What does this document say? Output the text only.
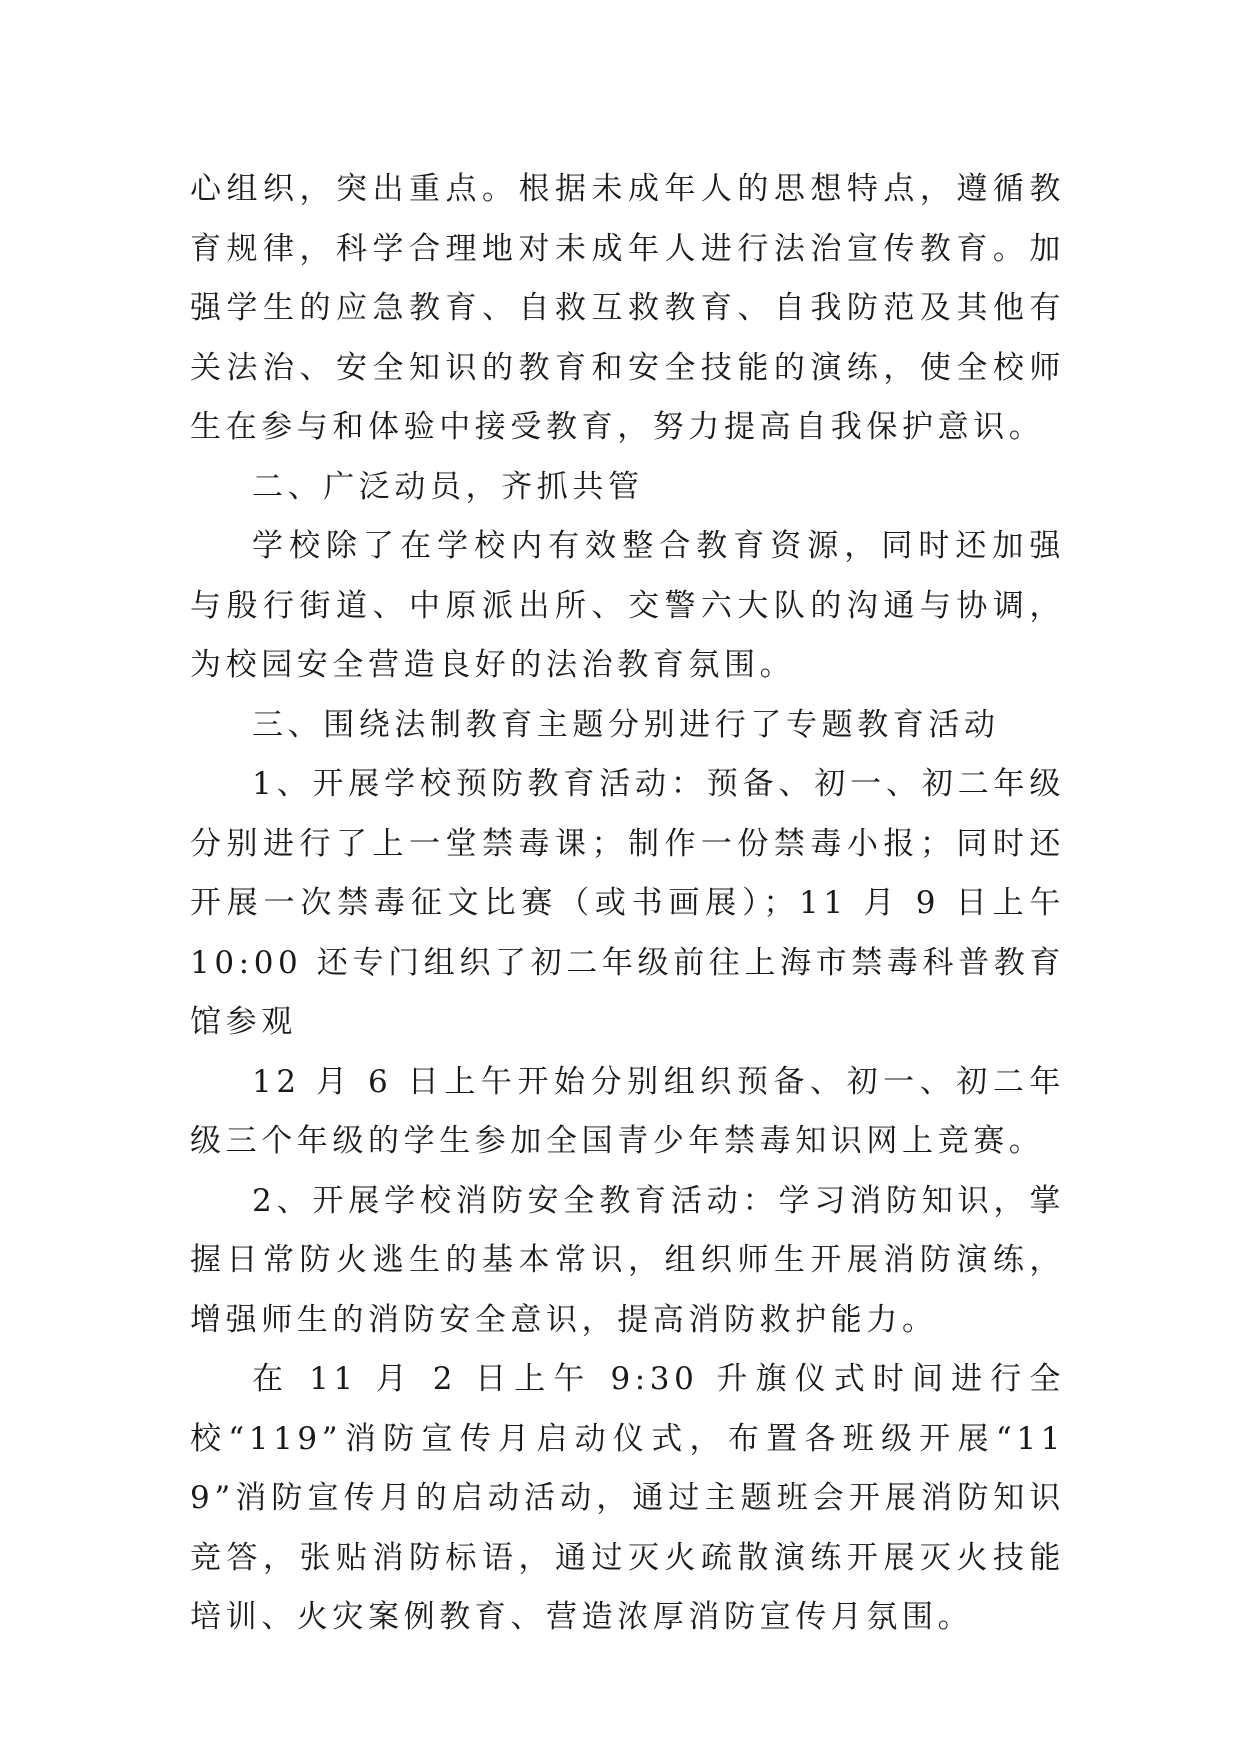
心组织，突出重点。根据未成年人的思想特点，遵循教育规律，科学合理地对未成年人进行法治宣传教育。加强学生的应急教育、自救互救教育、自我防范及其他有关法治、安全知识的教育和安全技能的演练，使全校师生在参与和体验中接受教育，努力提高自我保护意识。

二、广泛动员，齐抓共管

学校除了在学校内有效整合教育资源，同时还加强与殷行街道、中原派出所、交警六大队的沟通与协调，为校园安全营造良好的法治教育氛围。

三、围绕法制教育主题分别进行了专题教育活动

1、开展学校预防教育活动：预备、初一、初二年级分别进行了上一堂禁毒课；制作一份禁毒小报；同时还开展一次禁毒征文比赛（或书画展）；11 月 9 日上午 10:00 还专门组织了初二年级前往上海市禁毒科普教育馆参观

12 月 6 日上午开始分别组织预备、初一、初二年级三个年级的学生参加全国青少年禁毒知识网上竞赛。

2、开展学校消防安全教育活动：学习消防知识，掌握日常防火逃生的基本常识，组织师生开展消防演练，增强师生的消防安全意识，提高消防救护能力。

在 11 月 2 日上午 9:30 升旗仪式时间进行全校“119”消防宣传月启动仪式，布置各班级开展“119”消防宣传月的启动活动，通过主题班会开展消防知识竞答，张贴消防标语，通过灭火疏散演练开展灭火技能培训、火灾案例教育、营造浓厚消防宣传月氛围。
